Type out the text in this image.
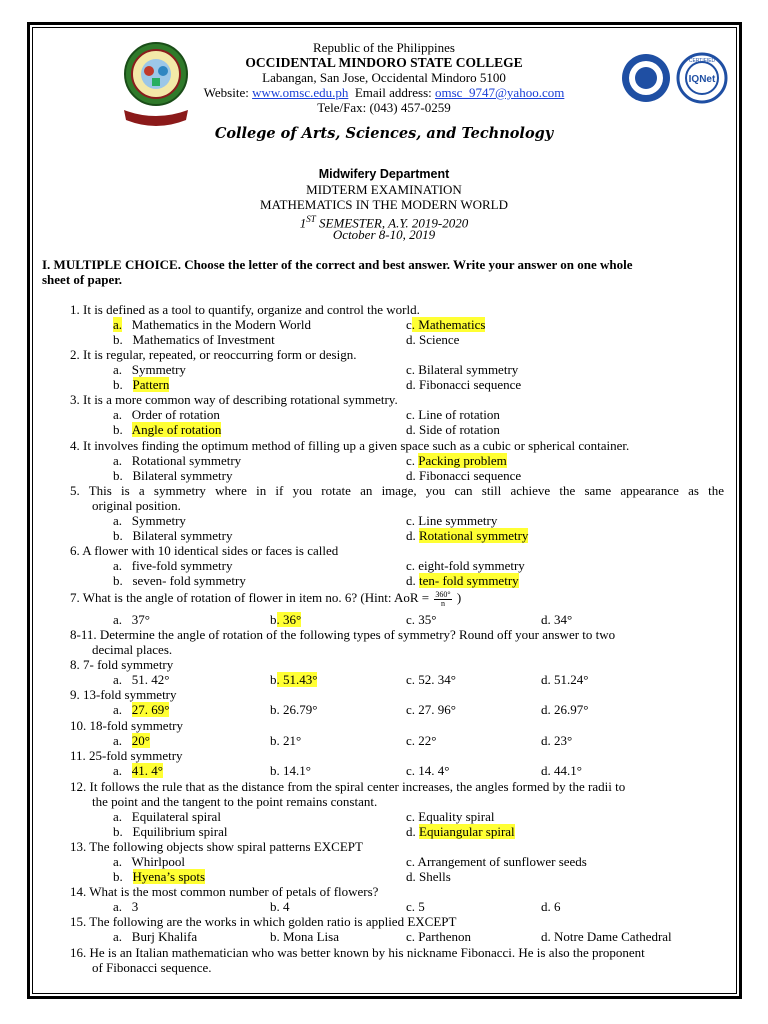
IQNet
CERTIFIED
Republic of the Philippines
OCCIDENTAL MINDORO STATE COLLEGE
Labangan, San Jose, Occidental Mindoro 5100
Website: www.omsc.edu.ph  Email address: omsc_9747@yahoo.com
Tele/Fax: (043) 457-0259
College of Arts, Sciences, and Technology
Midwifery Department
MIDTERM EXAMINATION
MATHEMATICS IN THE MODERN WORLD
1ST SEMESTER, A.Y. 2019-2020
October 8-10, 2019
I. MULTIPLE CHOICE. Choose the letter of the correct and best answer. Write your answer on one whole
sheet of paper.
1. It is defined as a tool to quantify, organize and control the world.
2. It is regular, repeated, or reoccurring form or design.
3. It is a more common way of describing rotational symmetry.
4. It involves finding the optimum method of filling up a given space such as a cubic or spherical container.
5. This is a symmetry where in if you rotate an image, you can still achieve the same appearance as the
original position.
6. A flower with 10 identical sides or faces is called
7. What is the angle of rotation of flower in item no. 6? (Hint: AoR = $\frac{360^\circ}{n}$ )
8-11. Determine the angle of rotation of the following types of symmetry? Round off your answer to two
decimal places.
8. 7- fold symmetry
9. 13-fold symmetry
10. 18-fold symmetry
11. 25-fold symmetry
12. It follows the rule that as the distance from the spiral center increases, the angles formed by the radii to
the point and the tangent to the point remains constant.
13. The following objects show spiral patterns EXCEPT
14. What is the most common number of petals of flowers?
15. The following are the works in which golden ratio is applied EXCEPT
16. He is an Italian mathematician who was better known by his nickname Fibonacci. He is also the proponent
of Fibonacci sequence.
a.   Mathematics in the Modern World	c. Mathematics
b.   Mathematics of Investment	d. Science
a.   Symmetry	c. Bilateral symmetry
b.   Pattern	d. Fibonacci sequence
a.   Order of rotation	c. Line of rotation
b.   Angle of rotation	d. Side of rotation
a.   Rotational symmetry	c. Packing problem
b.   Bilateral symmetry	d. Fibonacci sequence
a.   Symmetry	c. Line symmetry
b.   Bilateral symmetry	d. Rotational symmetry
a.   five-fold symmetry	c. eight-fold symmetry
b.   seven- fold symmetry	d. ten- fold symmetry
a.   37°	b. 36°	c. 35°	d. 34°
a.   51. 42°	b. 51.43°	c. 52. 34°	d. 51.24°
a.   27. 69°	b. 26.79°	c. 27. 96°	d. 26.97°
a.   20°	b. 21°	c. 22°	d. 23°
a.   41. 4°	b. 14.1°	c. 14. 4°	d. 44.1°
a.   Equilateral spiral	c. Equality spiral
b.   Equilibrium spiral	d. Equiangular spiral
a.   Whirlpool	c. Arrangement of sunflower seeds
b.   Hyena’s spots	d. Shells
a.   3	b. 4	c. 5	d. 6
a.   Burj Khalifa	b. Mona Lisa	c. Parthenon	d. Notre Dame Cathedral
